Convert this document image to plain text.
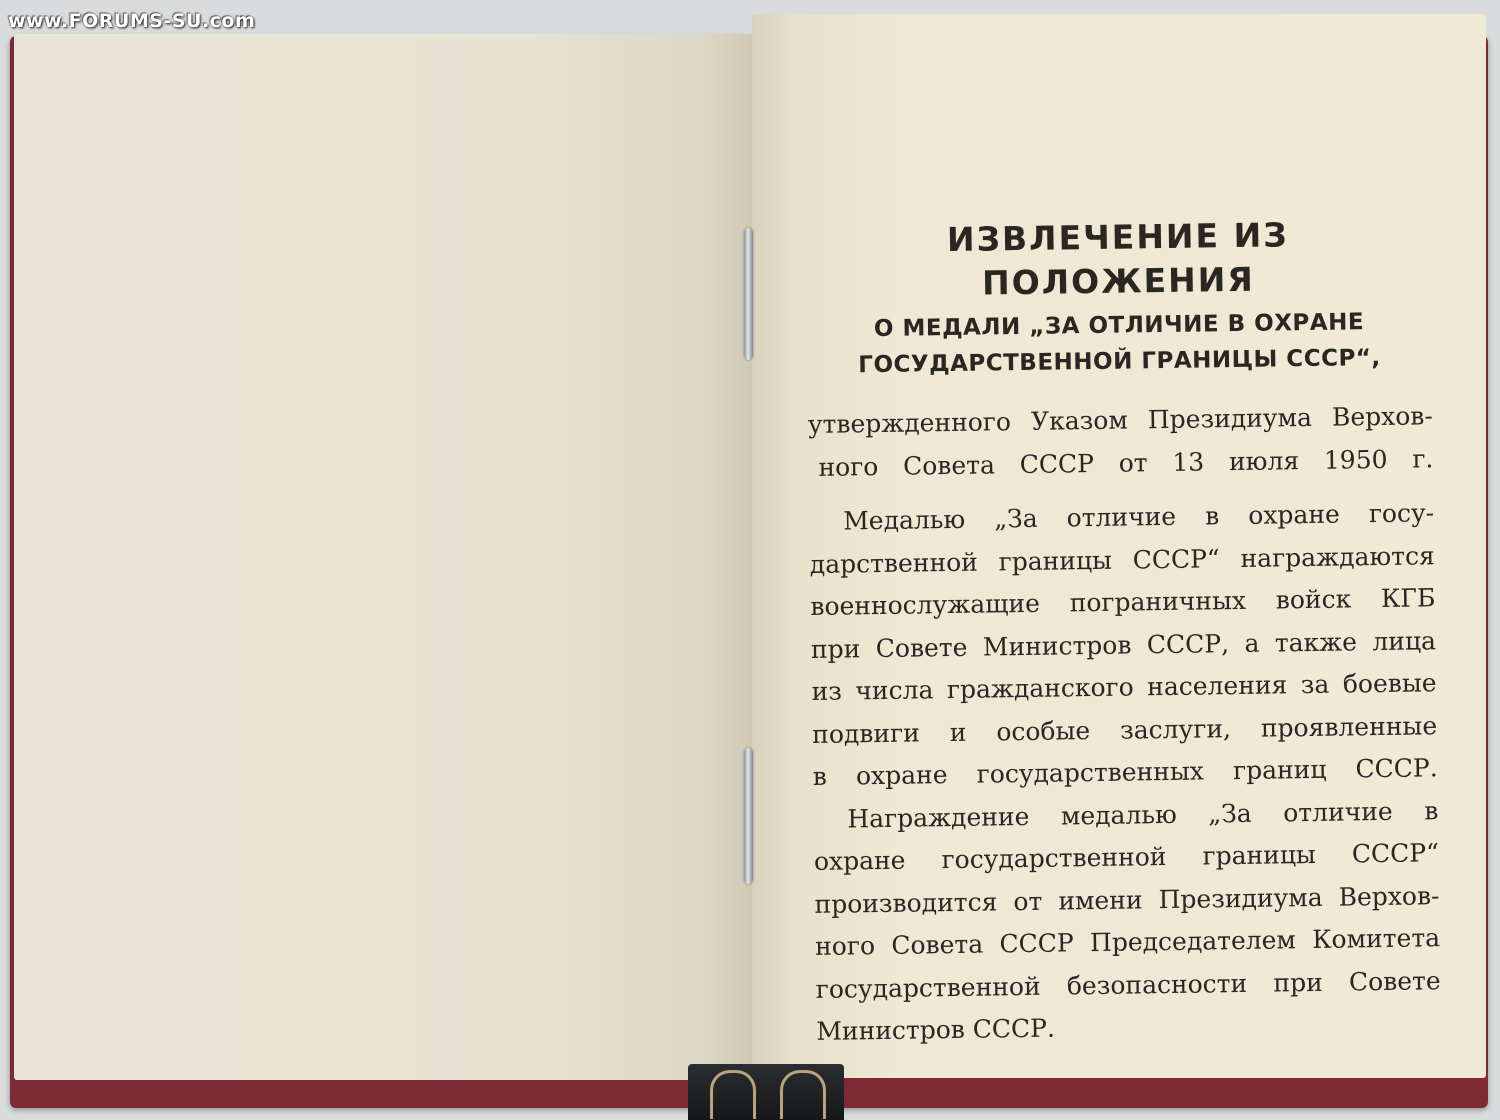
www.FORUMS-SU.com
ИЗВЛЕЧЕНИЕ ИЗ ПОЛОЖЕНИЯ

О МЕДАЛИ „ЗА ОТЛИЧИЕ В ОХРАНЕ

ГОСУДАРСТВЕННОЙ ГРАНИЦЫ СССР“,

утвержденного Указом Президиума Верхов-

ного Совета СССР от 13 июля 1950 г.

Медалью „За отличие в охране госу-

дарственной границы СССР“ награждаются

военнослужащие пограничных войск КГБ

при Совете Министров СССР, а также лица

из числа гражданского населения за боевые

подвиги и особые заслуги, проявленные

в охране государственных границ СССР.

Награждение медалью „За отличие в

охране государственной границы СССР“

производится от имени Президиума Верхов-

ного Совета СССР Председателем Комитета

государственной безопасности при Совете

Министров СССР.
